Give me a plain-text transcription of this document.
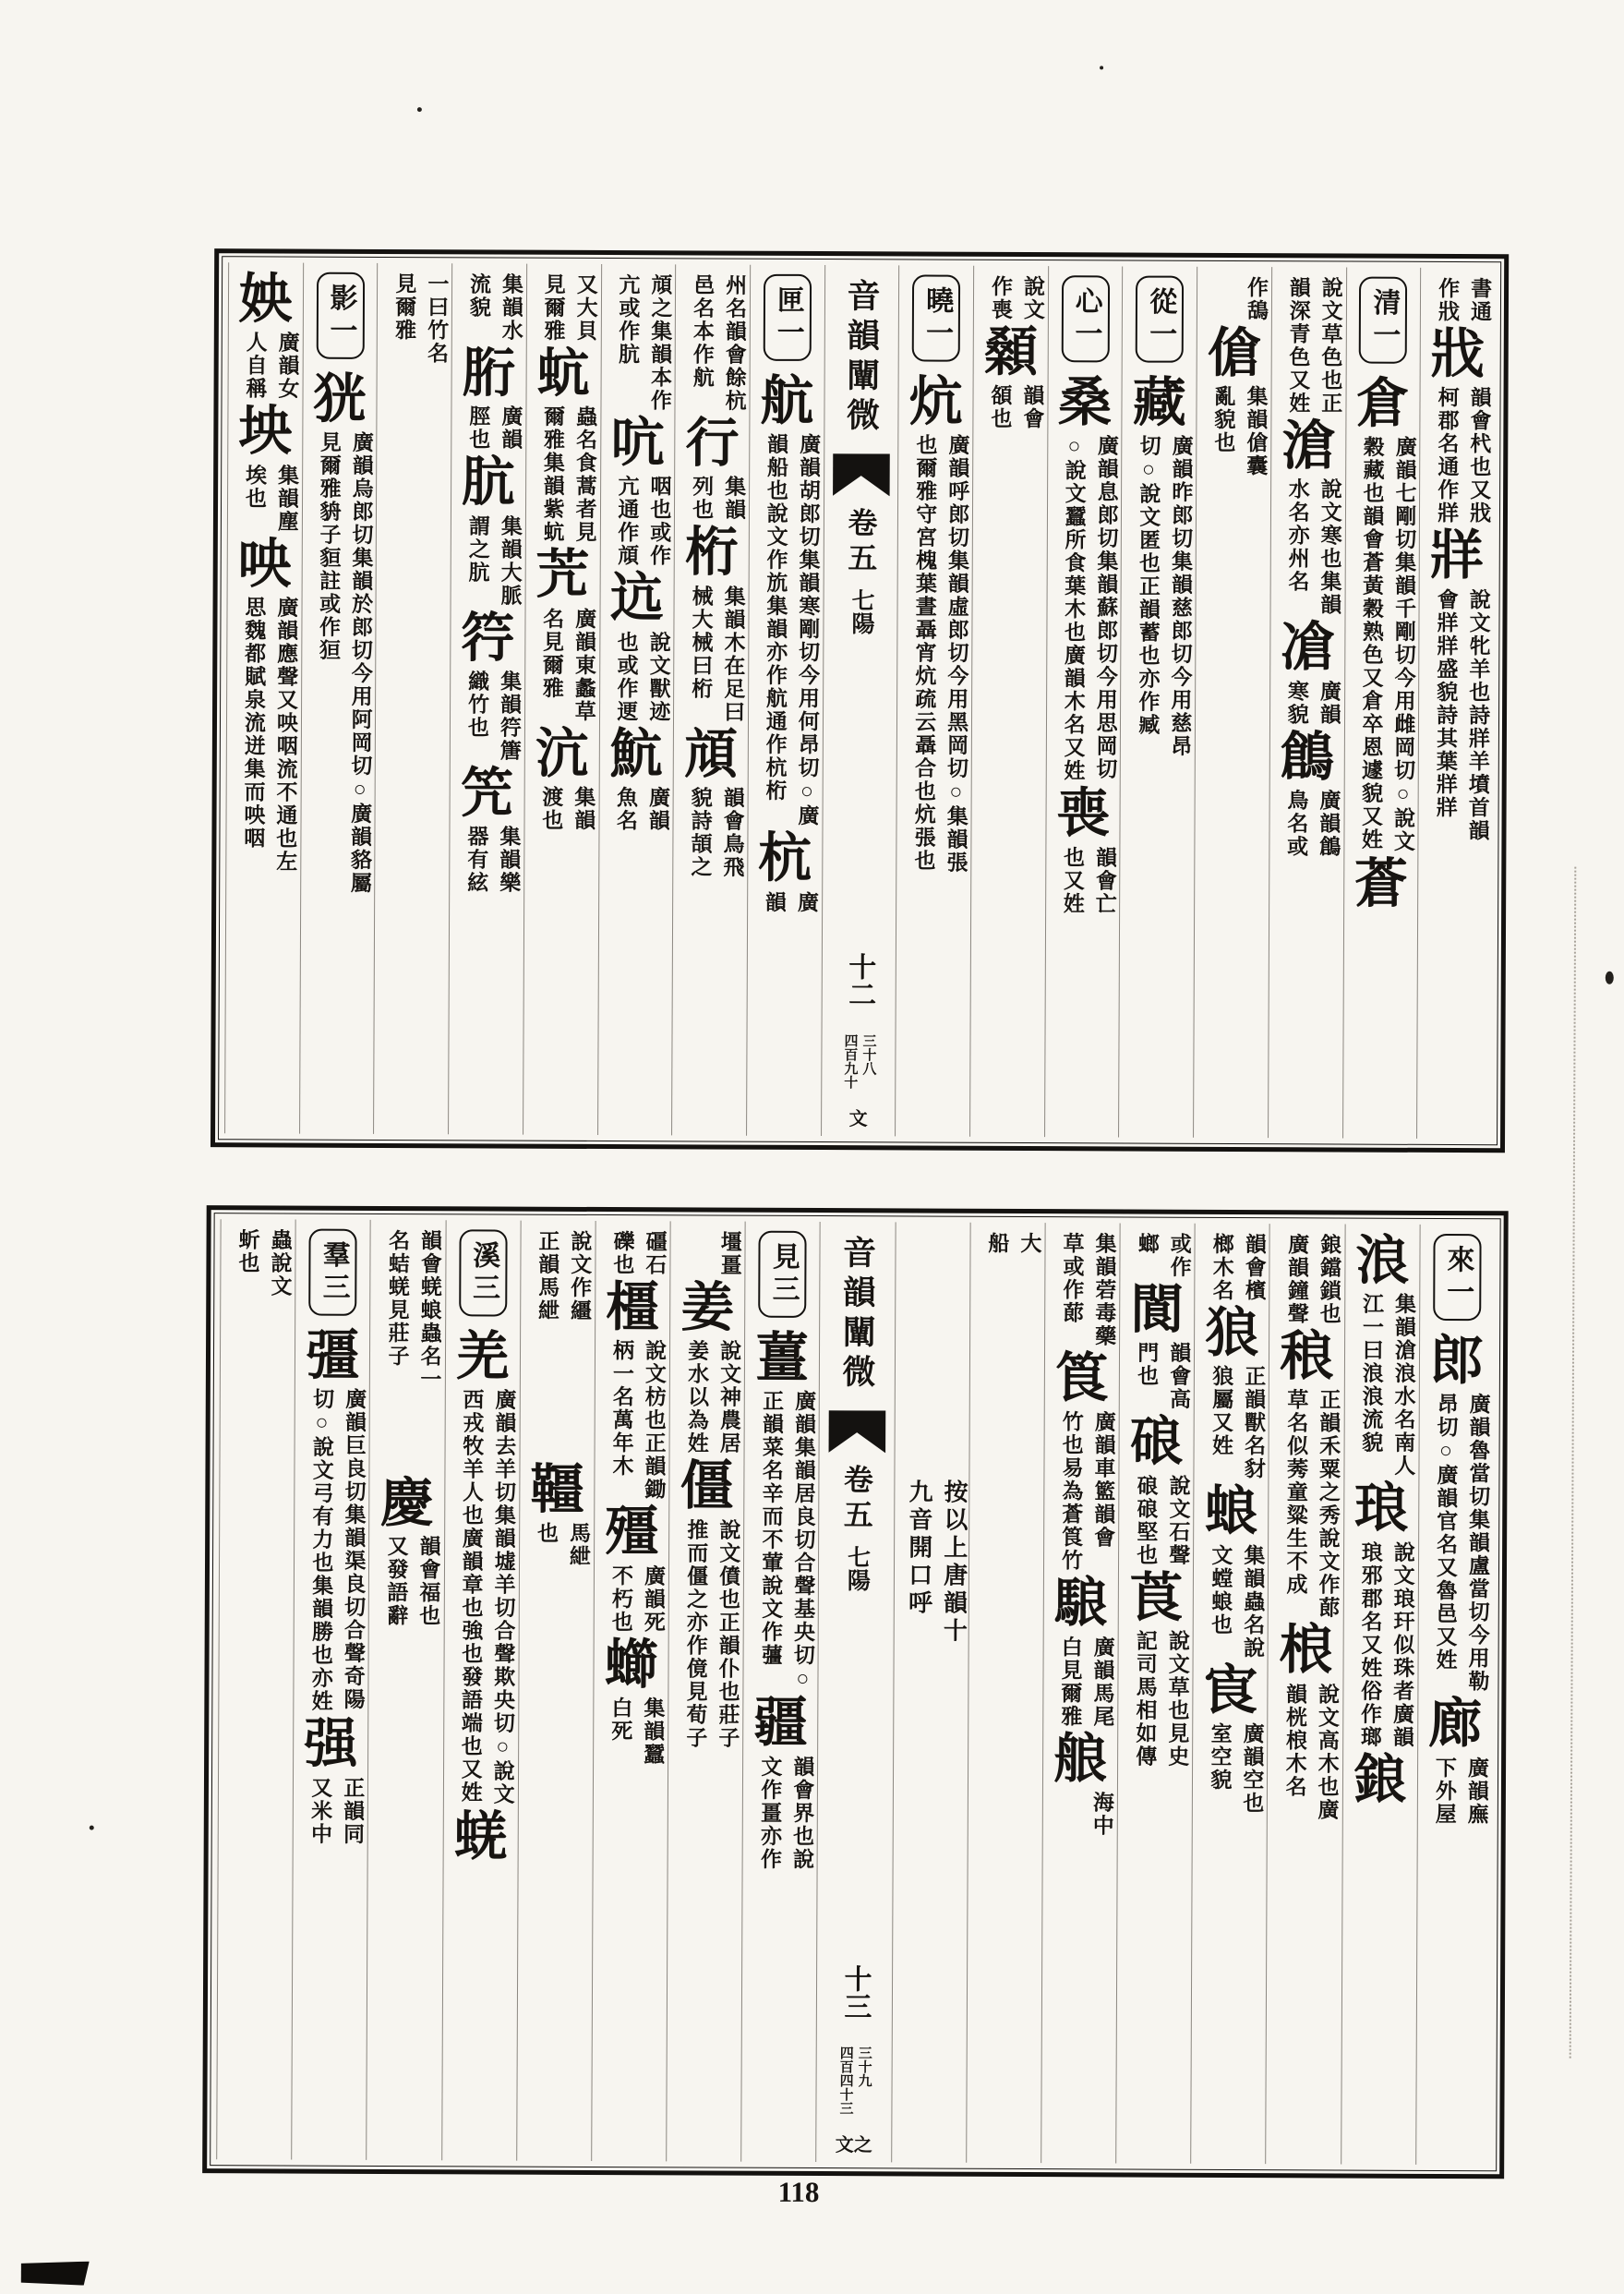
書通
作戕
戕
韻會杙也又戕
柯郡名通作牂
牂
說文牝羊也詩牂羊墳首韻
會牂牂盛貌詩其葉牂牂
清一
倉
廣韻七剛切集韻千剛切今用雌岡切○說文
穀藏也韻會蒼黃穀熟色又倉卒恩遽貌又姓
蒼
說文草色也正
韻深青色又姓
滄
說文寒也集韻
水名亦州名
凔
廣韻
寒貌
鶬
廣韻鶬
鳥名或
作鴰
傖
集韻傖囊
亂貌也
從一
藏
廣韻昨郎切集韻慈郎切今用慈昂
切○說文匿也正韻蓄也亦作臧
心一
桑
廣韻息郎切集韻蘇郎切今用思岡切
○說文蠶所食葉木也廣韻木名又姓
喪
韻會亡
也又姓
說文
作喪
顙
韻會
頟也
曉一
炕
廣韻呼郎切集韻虛郎切今用黑岡切○集韻張
也爾雅守宮槐葉晝聶宵炕疏云聶合也炕張也
音韻闡微
卷五
七陽
十二
三十八
四百九十
文
匣一
航
廣韻胡郎切集韻寒剛切今用何昂切○廣
韻船也說文作斻集韻亦作航通作杭桁
杭
廣
韻
州名韻會餘杭
邑名本作航
行
集韻
列也
桁
集韻木在足曰
械大械曰桁
頏
韻會鳥飛
貌詩頡之
頏之集韻本作
亢或作肮
吭
咽也或作
亢通作頏
迒
說文獸迹
也或作䢚
魧
廣韻
魚名
又大貝
見爾雅
蚢
蟲名食蒿者見
爾雅集韻紫蚢
苀
廣韻東蠡草
名見爾雅
沆
集韻
渡也
集韻水
流貌
胻
廣韻
脛也
肮
集韻大脈
謂之肮
筕
集韻筕篖
織竹也
笐
集韻樂
器有絃
一曰竹名
見爾雅
影一
㹰
廣韻烏郎切集韻於郎切今用阿岡切○廣韻貉屬
見爾雅貈子貆註或作狟
姎
廣韻女
人自稱
坱
集韻塵
埃也
咉
廣韻應聲又咉咽流不通也左
思魏都賦泉流迸集而咉咽
來一
郎
廣韻魯當切集韻盧當切今用勒
昂切○廣韻官名又魯邑又姓
廊
廣韻廡
下外屋
浪
集韻滄浪水名南人
江一曰浪浪流貌
琅
說文琅玕似珠者廣韻
琅邪郡名又姓俗作瑯
鋃
鋃鐺鎖也
廣韻鐘聲
稂
正韻禾粟之秀說文作蓈
草名似莠童粱生不成
桹
說文高木也廣
韻桄桹木名
韻會檳
榔木名
狼
正韻獸名豺
狼屬又姓
蜋
集韻蟲名說
文螳蜋也
㝗
廣韻空也
室空貌
或作
螂
閬
韻會高
門也
硠
說文石聲
硠硠堅也
莨
說文草也見史
記司馬相如傳
集韻菪毒藥
草或作蓈
筤
廣韻車籃韻會
竹也易為蒼筤竹
駺
廣韻馬尾
白見爾雅
艆
海中
大
船
按以上唐韻十
九音開口呼
音韻闡微
卷五
七陽
十三
三十九
四百四十三
文之
見三
薑
廣韻集韻居良切合聲基央切○
正韻菜名辛而不葷說文作䕬
疆
韻會界也說
文作畺亦作
壃畺
姜
說文神農居
姜水以為姓
僵
說文僨也正韻仆也莊子
推而僵之亦作傹見荀子
礓石
礫也
橿
說文枋也正韻鋤
柄一名萬年木
殭
廣韻死
不朽也
䗻
集韻蠶
白死
說文作繮
正韻馬紲
韁
馬紲
也
溪三
羌
廣韻去羊切集韻墟羊切合聲欺央切○說文
西戎牧羊人也廣韻章也強也發語端也又姓
蜣
韻會蜣蜋蟲名一
名蛣蜣見莊子
慶
韻會福也
又發語辭
羣三
彊
廣韻巨良切集韻渠良切合聲奇陽
切○說文弓有力也集韻勝也亦姓
强
正韻同
又米中
蟲說文
蚚也
118
